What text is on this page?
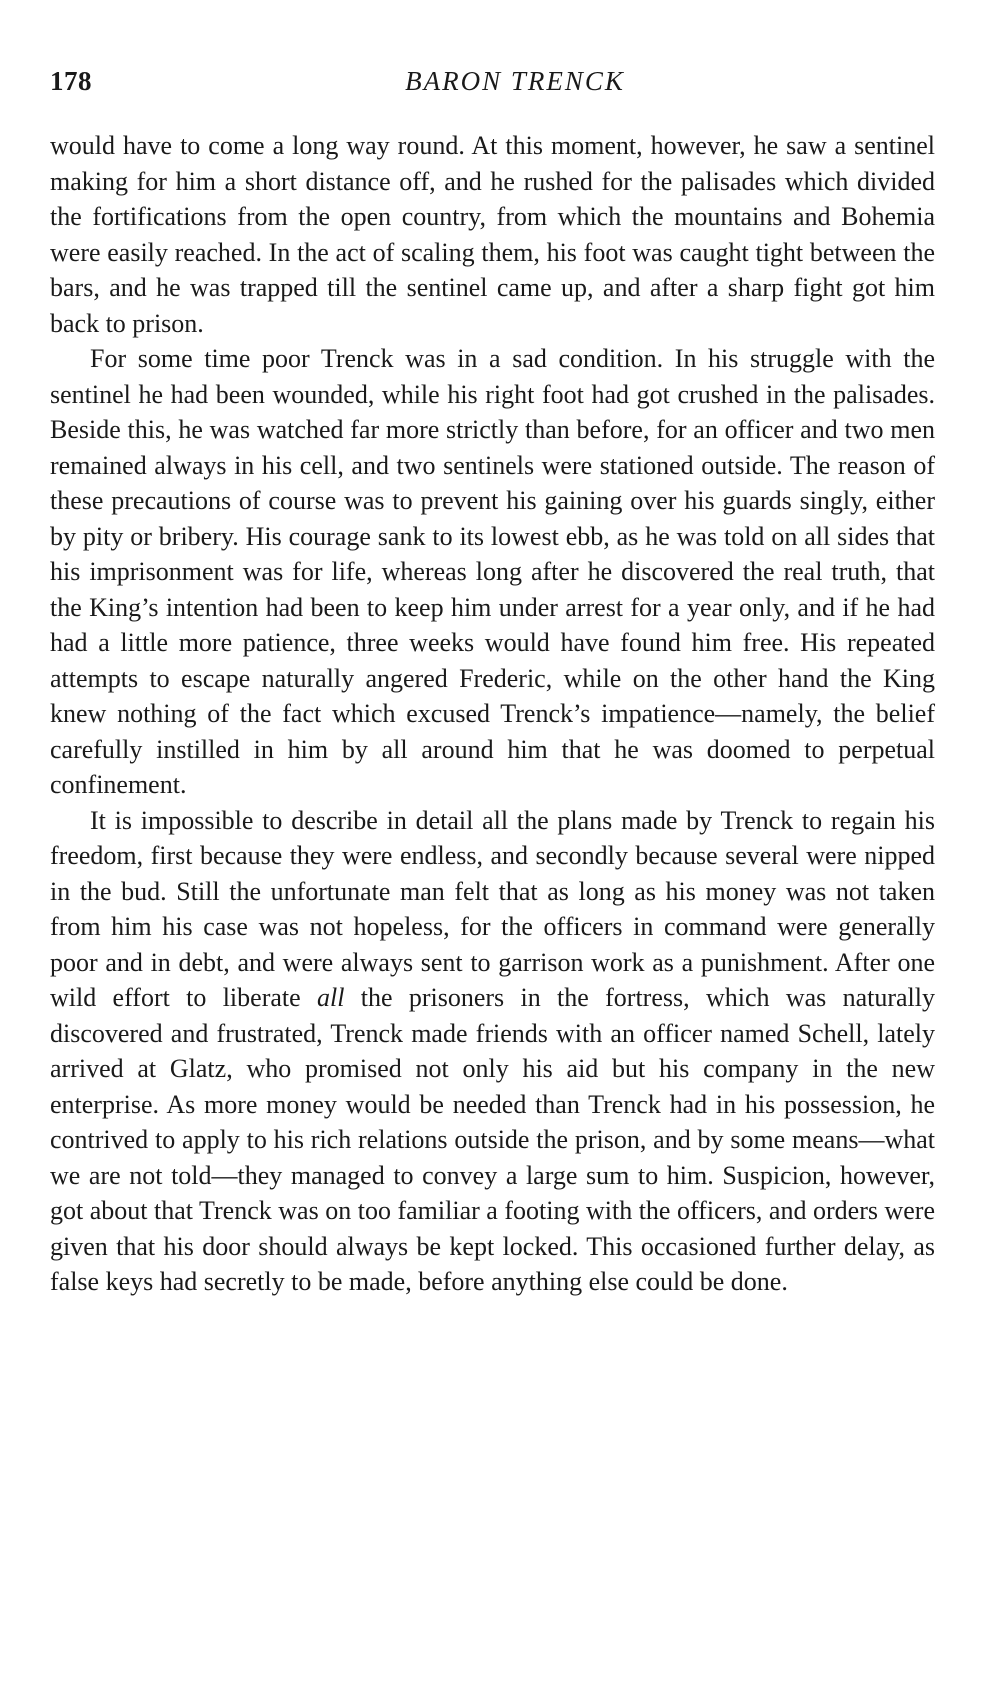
178	BARON TRENCK

would have to come a long way round. At this moment, however, he saw a sentinel making for him a short distance off, and he rushed for the palisades which divided the fortifications from the open country, from which the mountains and Bohemia were easily reached. In the act of scaling them, his foot was caught tight between the bars, and he was trapped till the sentinel came up, and after a sharp fight got him back to prison.

For some time poor Trenck was in a sad condition. In his struggle with the sentinel he had been wounded, while his right foot had got crushed in the palisades. Beside this, he was watched far more strictly than before, for an officer and two men remained always in his cell, and two sentinels were stationed outside. The reason of these precautions of course was to prevent his gaining over his guards singly, either by pity or bribery. His courage sank to its lowest ebb, as he was told on all sides that his imprisonment was for life, whereas long after he discovered the real truth, that the King’s intention had been to keep him under arrest for a year only, and if he had had a little more patience, three weeks would have found him free. His repeated attempts to escape naturally angered Frederic, while on the other hand the King knew nothing of the fact which excused Trenck’s impatience—namely, the belief carefully instilled in him by all around him that he was doomed to perpetual confinement.

It is impossible to describe in detail all the plans made by Trenck to regain his freedom, first because they were endless, and secondly because several were nipped in the bud. Still the unfortunate man felt that as long as his money was not taken from him his case was not hopeless, for the officers in command were generally poor and in debt, and were always sent to garrison work as a punishment. After one wild effort to liberate all the prisoners in the fortress, which was naturally discovered and frustrated, Trenck made friends with an officer named Schell, lately arrived at Glatz, who promised not only his aid but his company in the new enterprise. As more money would be needed than Trenck had in his possession, he contrived to apply to his rich relations outside the prison, and by some means—what we are not told—they managed to convey a large sum to him. Suspicion, however, got about that Trenck was on too familiar a footing with the officers, and orders were given that his door should always be kept locked. This occasioned further delay, as false keys had secretly to be made, before anything else could be done.
